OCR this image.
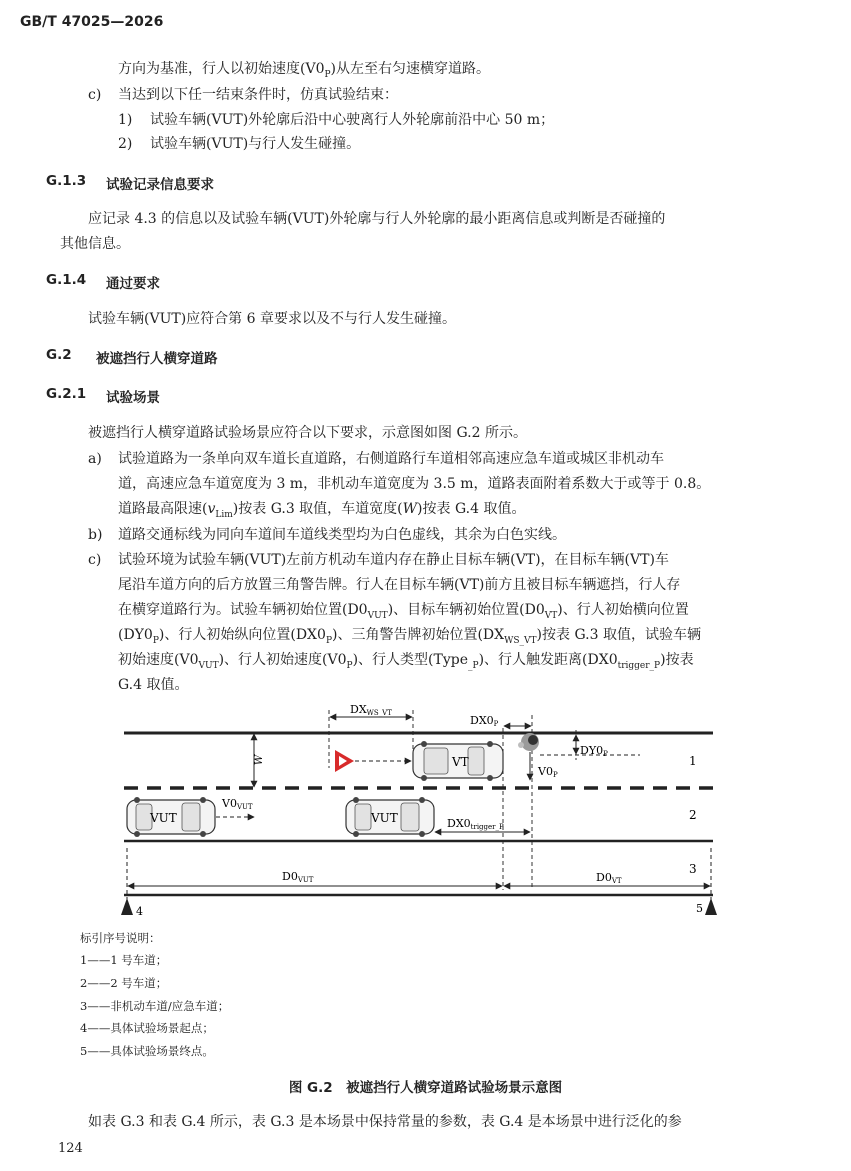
GB/T 47025—2026
方向为基准，行人以初始速度$(V0_P)$从左至右匀速横穿道路。
c) 当达到以下任一结束条件时，仿真试验结束：
1) 试验车辆(VUT)外轮廓后沿中心驶离行人外轮廓前沿中心 50 m；
2) 试验车辆(VUT)与行人发生碰撞。
G.1.3 试验记录信息要求
应记录 4.3 的信息以及试验车辆(VUT)外轮廓与行人外轮廓的最小距离信息或判断是否碰撞的
其他信息。
G.1.4 通过要求
试验车辆(VUT)应符合第 6 章要求以及不与行人发生碰撞。
G.2 被遮挡行人横穿道路
G.2.1 试验场景
被遮挡行人横穿道路试验场景应符合以下要求，示意图如图 G.2 所示。
a) 试验道路为一条单向双车道长直道路，右侧道路行车道相邻高速应急车道或城区非机动车
道，高速应急车道宽度为 3 m，非机动车道宽度为 3.5 m，道路表面附着系数大于或等于 0.8。
道路最高限速$(v_{Lim})$按表 G.3 取值，车道宽度(W)按表 G.4 取值。
b) 道路交通标线为同向车道间车道线类型均为白色虚线，其余为白色实线。
c) 试验环境为试验车辆(VUT)左前方机动车道内存在静止目标车辆(VT)，在目标车辆(VT)车
尾沿车道方向的后方放置三角警告牌。行人在目标车辆(VT)前方且被目标车辆遮挡，行人存
在横穿道路行为。试验车辆初始位置$(D0_{VUT})$、目标车辆初始位置$(D0_{VT})$、行人初始横向位置
$(DY0_P)$、行人初始纵向位置$(DX0_P)$、三角警告牌初始位置$(DX_{WS\_VT})$按表 G.3 取值，试验车辆
初始速度$(V0_{VUT})$、行人初始速度$(V0_P)$、行人类型(Type$_{\_P}$)、行人触发距离$(DX0_{trigger\_P})$按表
G.4 取值。
W
DXWS_VT
DX0P
VT
V0P
DY0P	1
2
3
VUT
V0VUT
VUT	DX0trigger_P
D0VUT	D0VT
4	5
标引序号说明：
1——1 号车道；
2——2 号车道；
3——非机动车道/应急车道；
4——具体试验场景起点；
5——具体试验场景终点。
图 G.2　被遮挡行人横穿道路试验场景示意图
如表 G.3 和表 G.4 所示，表 G.3 是本场景中保持常量的参数，表 G.4 是本场景中进行泛化的参
124
